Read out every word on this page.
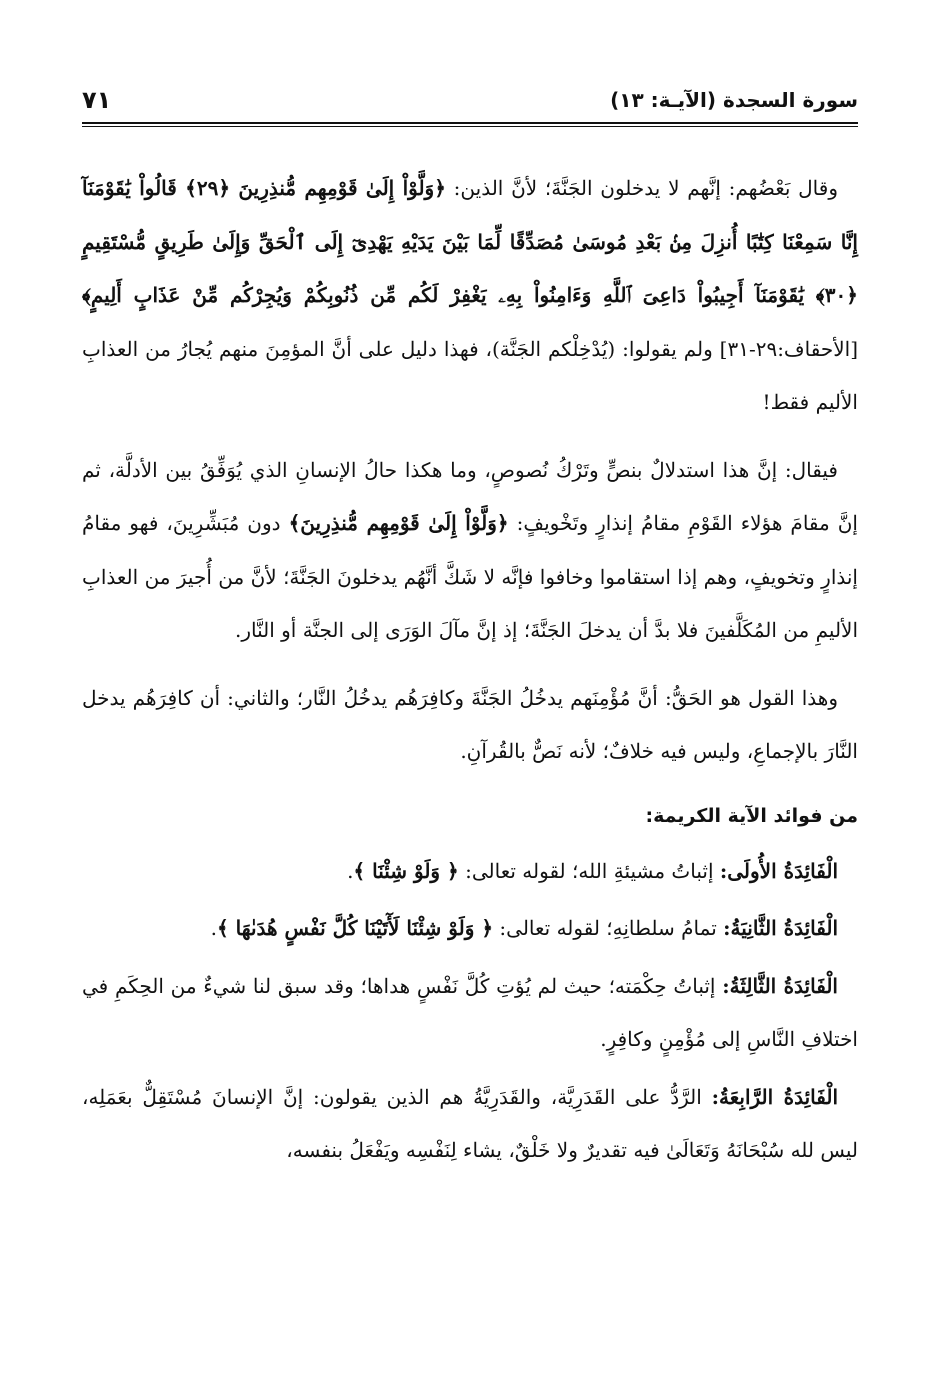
سورة السجدة (الآيـة: ١٣)
٧١

وقال بَعْضُهم: إنَّهم لا يدخلون الجَنَّةَ؛ لأنَّ الذين: ﴿وَلَّوْاْ إِلَىٰ قَوْمِهِم مُّنذِرِينَ ﴿٢٩﴾ قَالُواْ يَٰقَوْمَنَآ إِنَّا سَمِعْنَا كِتَٰبًا أُنزِلَ مِنۢ بَعْدِ مُوسَىٰ مُصَدِّقًا لِّمَا بَيْنَ يَدَيْهِ يَهْدِىٓ إِلَى ٱلْحَقِّ وَإِلَىٰ طَرِيقٍ مُّسْتَقِيمٍ ﴿٣٠﴾ يَٰقَوْمَنَآ أَجِيبُواْ دَاعِىَ ٱللَّهِ وَءَامِنُواْ بِهِۦ يَغْفِرْ لَكُم مِّن ذُنُوبِكُمْ وَيُجِرْكُم مِّنْ عَذَابٍ أَلِيمٍ﴾[الأحقاف:٢٩-٣١] ولم يقولوا: (يُدْخِلْكم الجَنَّة)، فهذا دليل على أنَّ المؤمِنَ منهم يُجارُ من العذابِ الأليم فقط!

فيقال: إنَّ هذا استدلالٌ بنصٍّ وتَرْكُ نُصوصٍ، وما هكذا حالُ الإنسانِ الذي يُوَفِّقُ بين الأدلَّة، ثم إنَّ مقامَ هؤلاء القَوْمِ مقامُ إنذارٍ وتَخْويفٍ: ﴿وَلَّوْاْ إِلَىٰ قَوْمِهِم مُّنذِرِينَ﴾ دون مُبَشِّرِينَ، فهو مقامُ إنذارٍ وتخويفٍ، وهم إذا استقاموا وخافوا فإنَّه لا شَكَّ أنَّهُم يدخلونَ الجَنَّةَ؛ لأنَّ من أُجيرَ من العذابِ الأليمِ من المُكَلَّفينَ فلا بدَّ أن يدخلَ الجَنَّةَ؛ إذ إنَّ مآلَ الوَرَى إلى الجنَّة أو النَّار.

وهذا القول هو الحَقُّ: أنَّ مُؤْمِنَهم يدخُلُ الجَنَّةَ وكافِرَهُم يدخُلُ النَّار؛ والثاني: أن كافِرَهُم يدخل النَّارَ بالإجماعِ، وليس فيه خلافٌ؛ لأنه نَصٌّ بالقُرآنِ.

من فوائد الآية الكريمة:

الْفَائِدَةُ الأُولَى: إثباتُ مشيئةِ الله؛ لقوله تعالى: ﴿ وَلَوْ شِئْنَا ﴾.

الْفَائِدَةُ الثَّانِيَةُ: تمامُ سلطانِهِ؛ لقوله تعالى: ﴿ وَلَوْ شِئْنَا لَأٓتَيْنَا كُلَّ نَفْسٍ هُدَىٰهَا ﴾.

الْفَائِدَةُ الثَّالِثَةُ: إثباتُ حِكْمَته؛ حيث لم يُؤتِ كُلَّ نَفْسٍ هداها؛ وقد سبق لنا شيءٌ من الحِكَمِ في اختلافِ النَّاسِ إلى مُؤْمِنٍ وكافِرٍ.

الْفَائِدَةُ الرَّابِعَةُ: الرَّدُّ على القَدَرِيَّة، والقَدَرِيَّةُ هم الذين يقولون: إنَّ الإنسانَ مُسْتَقِلٌّ بعَمَلِه، ليس لله سُبْحَانَهُ وَتَعَالَىٰ فيه تقديرٌ ولا خَلْقٌ، يشاء لِنَفْسِه ويَفْعَلُ بنفسه،
